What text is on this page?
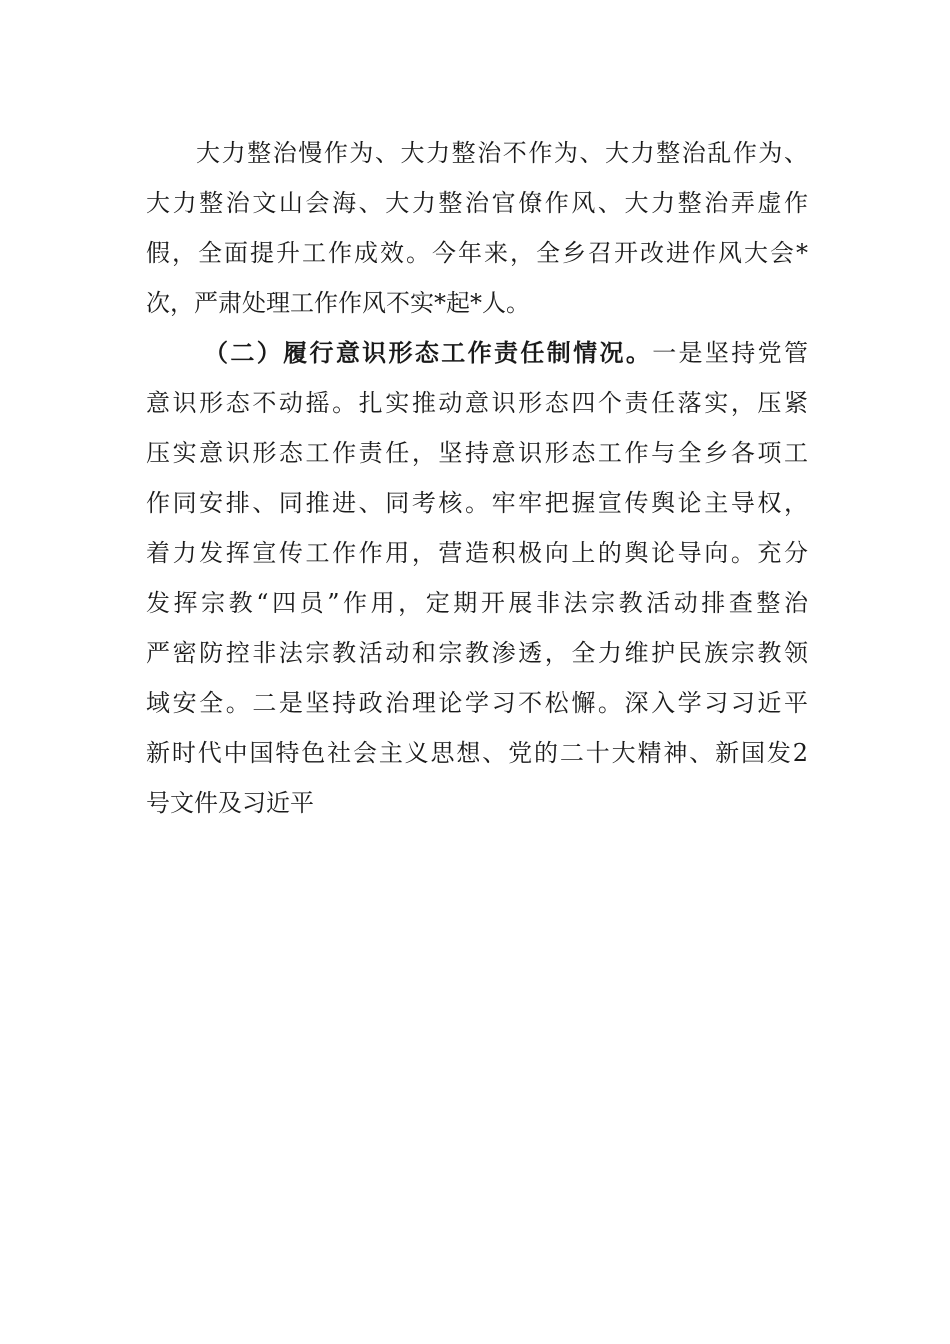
大力整治慢作为、大力整治不作为、大力整治乱作为、
大力整治文山会海、大力整治官僚作风、大力整治弄虚作
假，全面提升工作成效。今年来，全乡召开改进作风大会*
次，严肃处理工作作风不实*起*人。
（二）履行意识形态工作责任制情况。一是坚持党管
意识形态不动摇。扎实推动意识形态四个责任落实，压紧
压实意识形态工作责任，坚持意识形态工作与全乡各项工
作同安排、同推进、同考核。牢牢把握宣传舆论主导权，
着力发挥宣传工作作用，营造积极向上的舆论导向。充分
发挥宗教“四员”作用，定期开展非法宗教活动排查整治
严密防控非法宗教活动和宗教渗透，全力维护民族宗教领
域安全。二是坚持政治理论学习不松懈。深入学习习近平
新时代中国特色社会主义思想、党的二十大精神、新国发2
号文件及习近平
